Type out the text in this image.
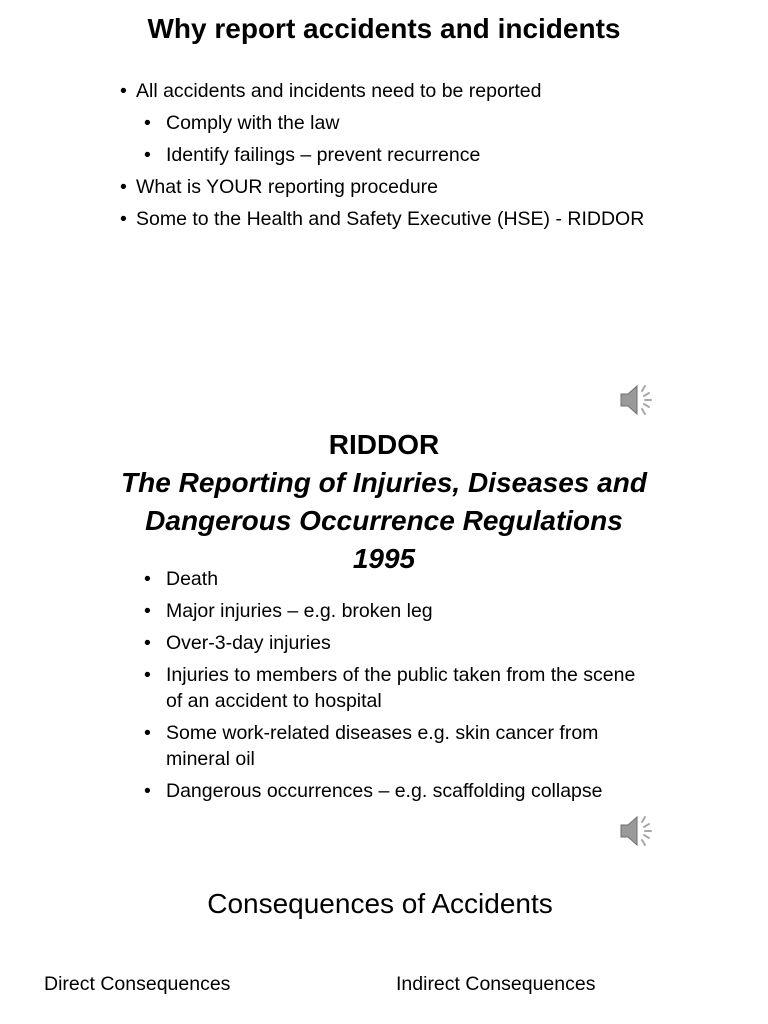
Why report accidents and incidents
• All accidents and incidents need to be reported
• Comply with the law
• Identify failings – prevent recurrence
• What is YOUR reporting procedure
• Some to the Health and Safety Executive (HSE) - RIDDOR
RIDDOR
The Reporting of Injuries, Diseases and
Dangerous Occurrence Regulations
1995
• Death
• Major injuries – e.g. broken leg
• Over-3-day injuries
• Injuries to members of the public taken from the scene of an accident to hospital
• Some work-related diseases e.g. skin cancer from mineral oil
• Dangerous occurrences – e.g. scaffolding collapse
Consequences of Accidents
Direct Consequences	Indirect Consequences
